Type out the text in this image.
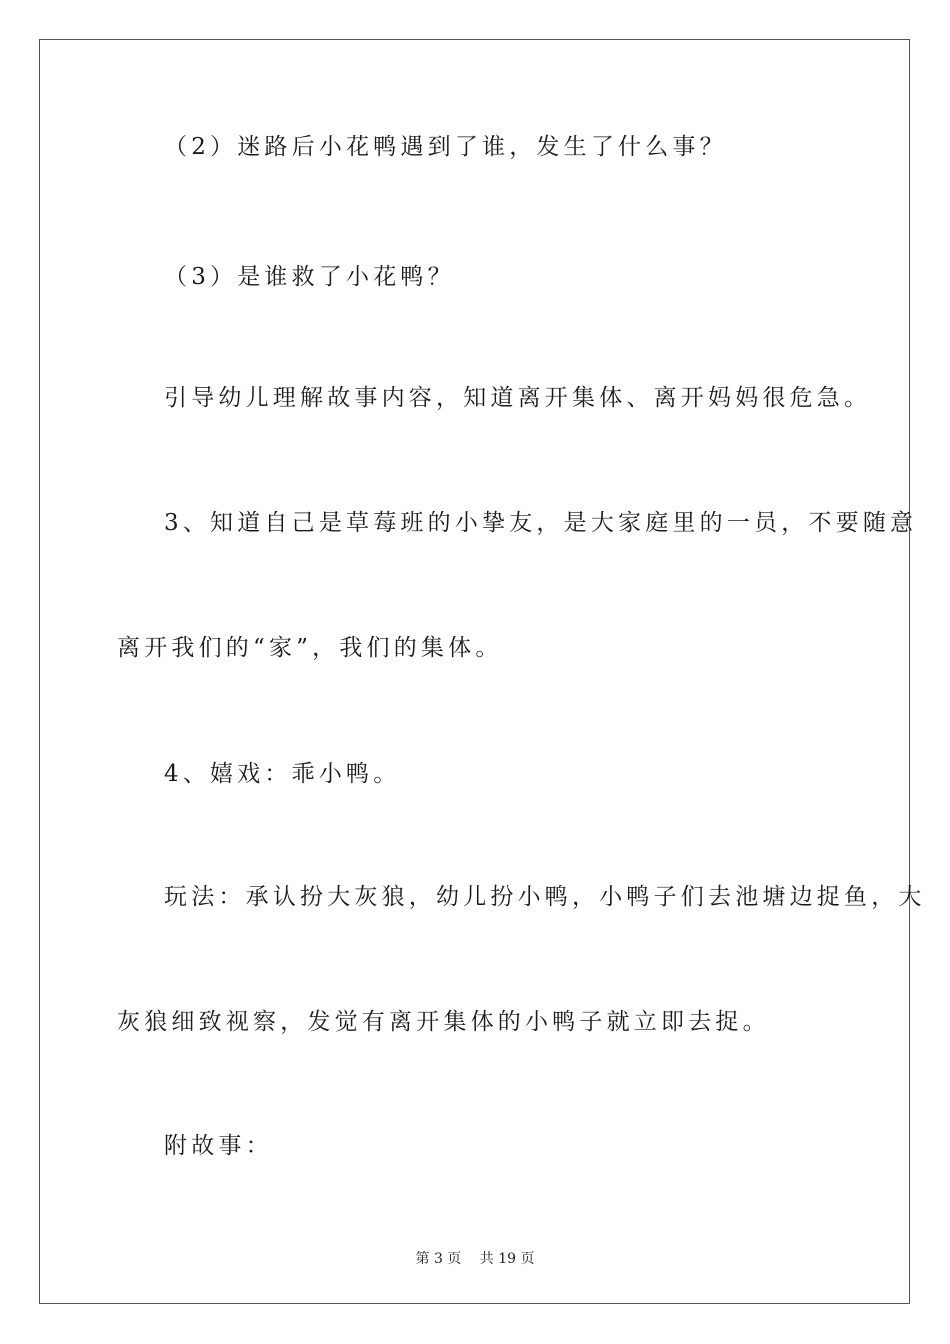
（2）迷路后小花鸭遇到了谁，发生了什么事？
（3）是谁救了小花鸭？
引导幼儿理解故事内容，知道离开集体、离开妈妈很危急。
3、知道自己是草莓班的小挚友，是大家庭里的一员，不要随意
离开我们的“家”，我们的集体。
4、嬉戏：乖小鸭。
玩法：承认扮大灰狼，幼儿扮小鸭，小鸭子们去池塘边捉鱼，大
灰狼细致视察，发觉有离开集体的小鸭子就立即去捉。
附故事：
第 3 页　 共 19 页
